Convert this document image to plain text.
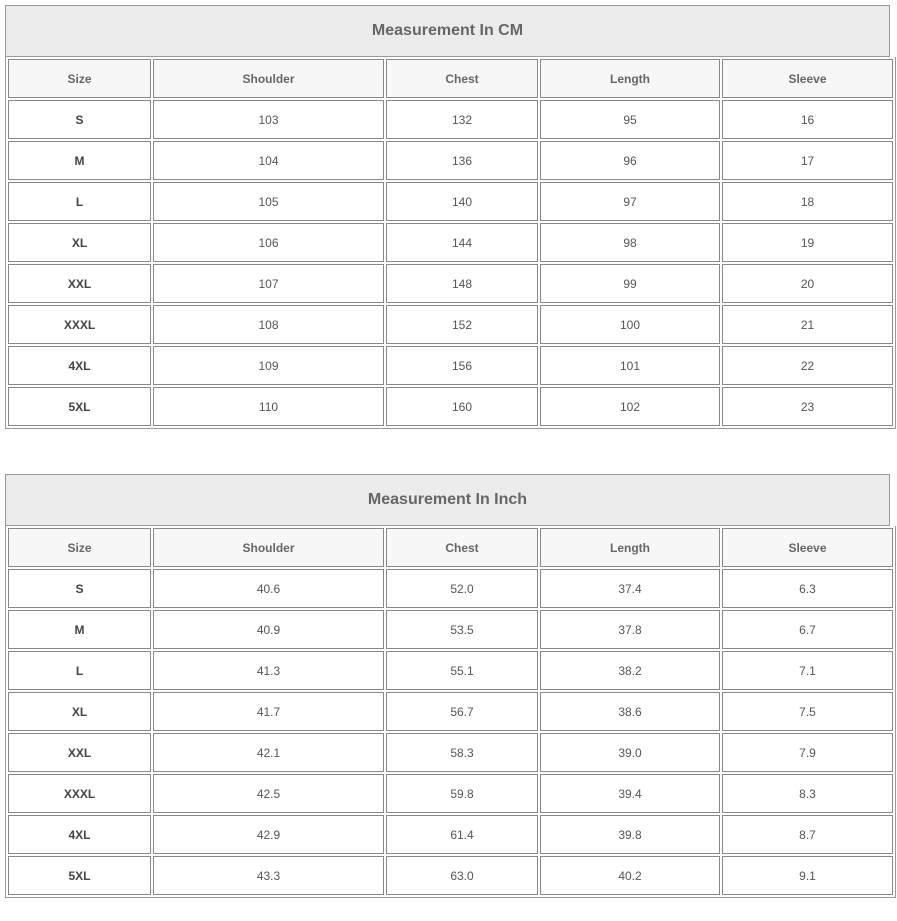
Measurement In CM
Size	Shoulder	Chest	Length	Sleeve
S	103	132	95	16
M	104	136	96	17
L	105	140	97	18
XL	106	144	98	19
XXL	107	148	99	20
XXXL	108	152	100	21
4XL	109	156	101	22
5XL	110	160	102	23
Measurement In Inch
Size	Shoulder	Chest	Length	Sleeve
S	40.6	52.0	37.4	6.3
M	40.9	53.5	37.8	6.7
L	41.3	55.1	38.2	7.1
XL	41.7	56.7	38.6	7.5
XXL	42.1	58.3	39.0	7.9
XXXL	42.5	59.8	39.4	8.3
4XL	42.9	61.4	39.8	8.7
5XL	43.3	63.0	40.2	9.1
